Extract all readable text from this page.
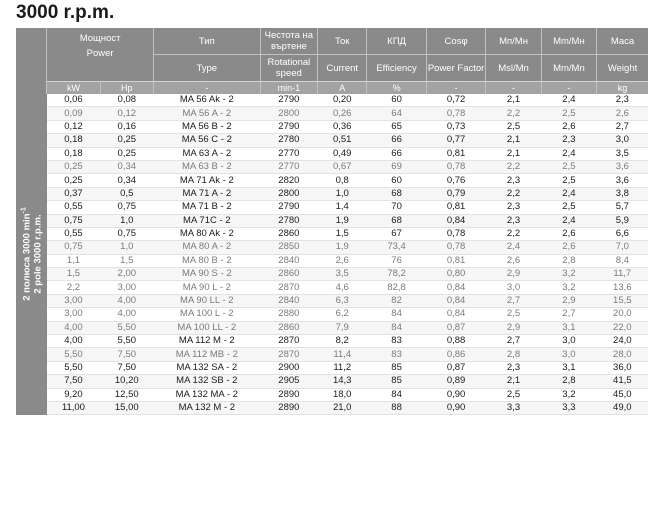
3000 r.p.m.

	Мощност
Power		Тип	Честота на въртене	Ток	КПД	Cosφ	Mп/Mн	Mm/Mн	Маса
			Type	Rotational speed	Current	Efficiency	Power Factor	Msl/Mn	Mm/Mn	Weight
	kW	Hp	-	min-1	A	%	-	-	-	kg

2 полюса 3000 $\min^{-1}$
2 pole 3000 r.p.m.	0,06	0,08	MA 56 Ak - 2	2790	0,20	60	0,72	2,1	2,4	2,3
	0,09	0,12	MA 56 A - 2	2800	0,26	64	0,78	2,2	2,5	2,6
	0,12	0,16	MA 56 B - 2	2790	0,36	65	0,73	2,5	2,6	2,7
	0,18	0,25	MA 56 C - 2	2780	0,51	66	0,77	2,1	2,3	3,0
	0,18	0,25	MA 63 A - 2	2770	0,49	66	0,81	2,1	2,4	3,5
	0,25	0,34	MA 63 B - 2	2770	0,67	69	0,78	2,2	2,5	3,6
	0,25	0,34	MA 71 Ak - 2	2820	0,8	60	0,76	2,3	2,5	3,6
	0,37	0,5	MA 71 A - 2	2800	1,0	68	0,79	2,2	2,4	3,8
	0,55	0,75	MA 71 B - 2	2790	1,4	70	0,81	2,3	2,5	5,7
	0,75	1,0	MA 71C - 2	2780	1,9	68	0,84	2,3	2,4	5,9
	0,55	0,75	MA 80 Ak - 2	2860	1,5	67	0,78	2,2	2,6	6,6
	0,75	1,0	MA 80 A - 2	2850	1,9	73,4	0,78	2,4	2,6	7,0
	1,1	1,5	MA 80 B - 2	2840	2,6	76	0,81	2,6	2,8	8,4
	1,5	2,00	MA 90 S - 2	2860	3,5	78,2	0,80	2,9	3,2	11,7
	2,2	3,00	MA 90 L - 2	2870	4,6	82,8	0,84	3,0	3,2	13,6
	3,00	4,00	MA 90 LL - 2	2840	6,3	82	0,84	2,7	2,9	15,5
	3,00	4,00	MA 100 L - 2	2880	6,2	84	0,84	2,5	2,7	20,0
	4,00	5,50	MA 100 LL - 2	2860	7,9	84	0,87	2,9	3,1	22,0
	4,00	5,50	MA 112 M - 2	2870	8,2	83	0,88	2,7	3,0	24,0
	5,50	7,50	MA 112 MB - 2	2870	11,4	83	0,86	2,8	3,0	28,0
	5,50	7,50	MA 132 SA - 2	2900	11,2	85	0,87	2,3	3,1	36,0
	7,50	10,20	MA 132 SB - 2	2905	14,3	85	0,89	2,1	2,8	41,5
	9,20	12,50	MA 132 MA - 2	2890	18,0	84	0,90	2,5	3,2	45,0
	11,00	15,00	MA 132 M - 2	2890	21,0	88	0,90	3,3	3,3	49,0
